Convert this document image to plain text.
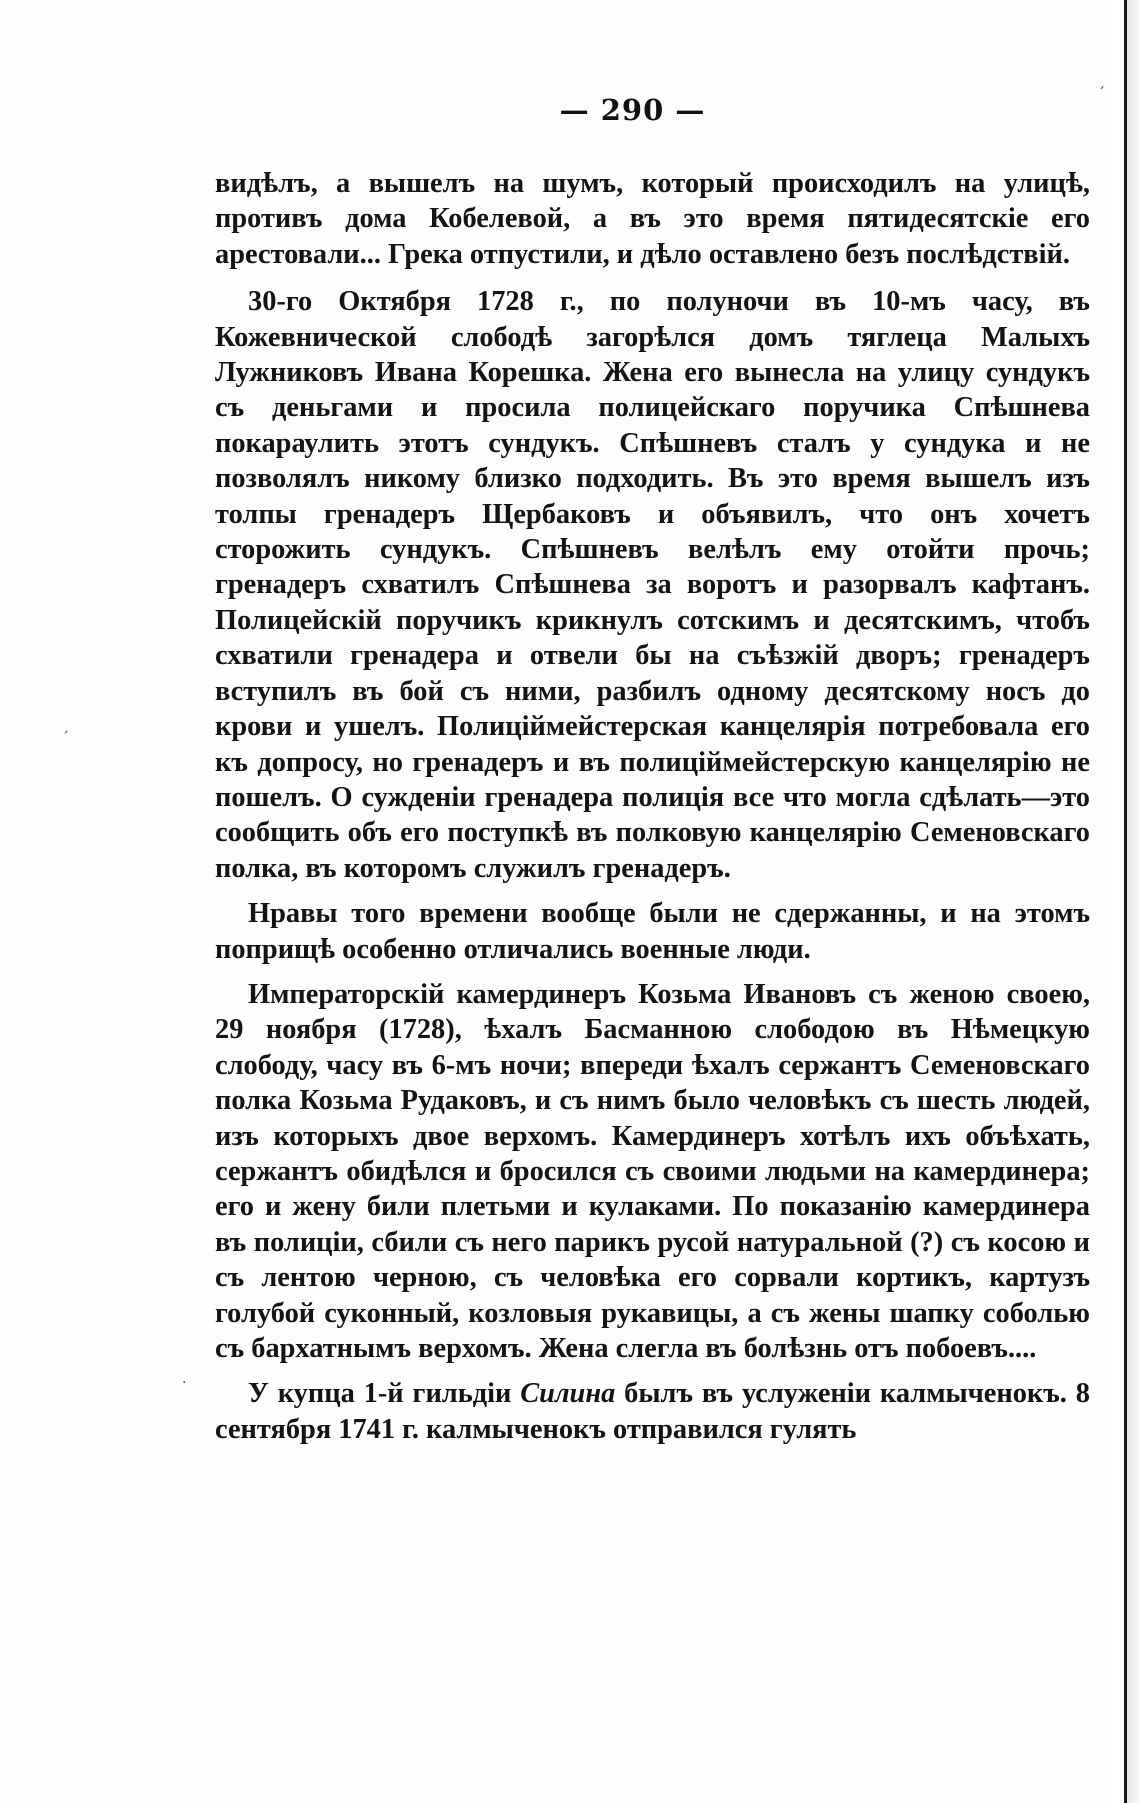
´
·
ˏ
— 290 —

видѣлъ, а вышелъ на шумъ, который происходилъ на улицѣ, противъ дома Кобелевой, а въ это время пятидесятскіе его арестовали... Грека отпустили, и дѣло оставлено безъ послѣдствій.

30-го Октября 1728 г., по полуночи въ 10-мъ часу, въ Кожевнической слободѣ загорѣлся домъ тяглеца Малыхъ Лужниковъ Ивана Корешка. Жена его вынесла на улицу сундукъ съ деньгами и просила полицейскаго поручика Спѣшнева покараулить этотъ сундукъ. Спѣшневъ сталъ у сундука и не позволялъ никому близко подходить. Въ это время вышелъ изъ толпы гренадеръ Щербаковъ и объявилъ, что онъ хочетъ сторожить сундукъ. Спѣшневъ велѣлъ ему отойти прочь; гренадеръ схватилъ Спѣшнева за воротъ и разорвалъ кафтанъ. Полицейскій поручикъ крикнулъ сотскимъ и десятскимъ, чтобъ схватили гренадера и отвели бы на съѣзжій дворъ; гренадеръ вступилъ въ бой съ ними, разбилъ одному десятскому носъ до крови и ушелъ. Полиціймейстерская канцелярія потребовала его къ допросу, но гренадеръ и въ полиціймейстерскую канцелярію не пошелъ. О сужденіи гренадера полиція все что могла сдѣлать—это сообщить объ его поступкѣ въ полковую канцелярію Семеновскаго полка, въ которомъ служилъ гренадеръ.

Нравы того времени вообще были не сдержанны, и на этомъ поприщѣ особенно отличались военные люди.

Императорскій камердинеръ Козьма Ивановъ съ женою своею, 29 ноября (1728), ѣхалъ Басманною слободою въ Нѣмецкую слободу, часу въ 6-мъ ночи; впереди ѣхалъ сержантъ Семеновскаго полка Козьма Рудаковъ, и съ нимъ было человѣкъ съ шесть людей, изъ которыхъ двое верхомъ. Камердинеръ хотѣлъ ихъ объѣхать, сержантъ обидѣлся и бросился съ своими людьми на камердинера; его и жену били плетьми и кулаками. По показанію камердинера въ полиціи, сбили съ него парикъ русой натуральной (?) съ косою и съ лентою черною, съ человѣка его сорвали кортикъ, картузъ голубой суконный, козловыя рукавицы, а съ жены шапку соболью съ бархатнымъ верхомъ. Жена слегла въ болѣзнь отъ побоевъ....

У купца 1-й гильдіи Силина былъ въ услуженіи калмыченокъ. 8 сентября 1741 г. калмыченокъ отправился гулять
